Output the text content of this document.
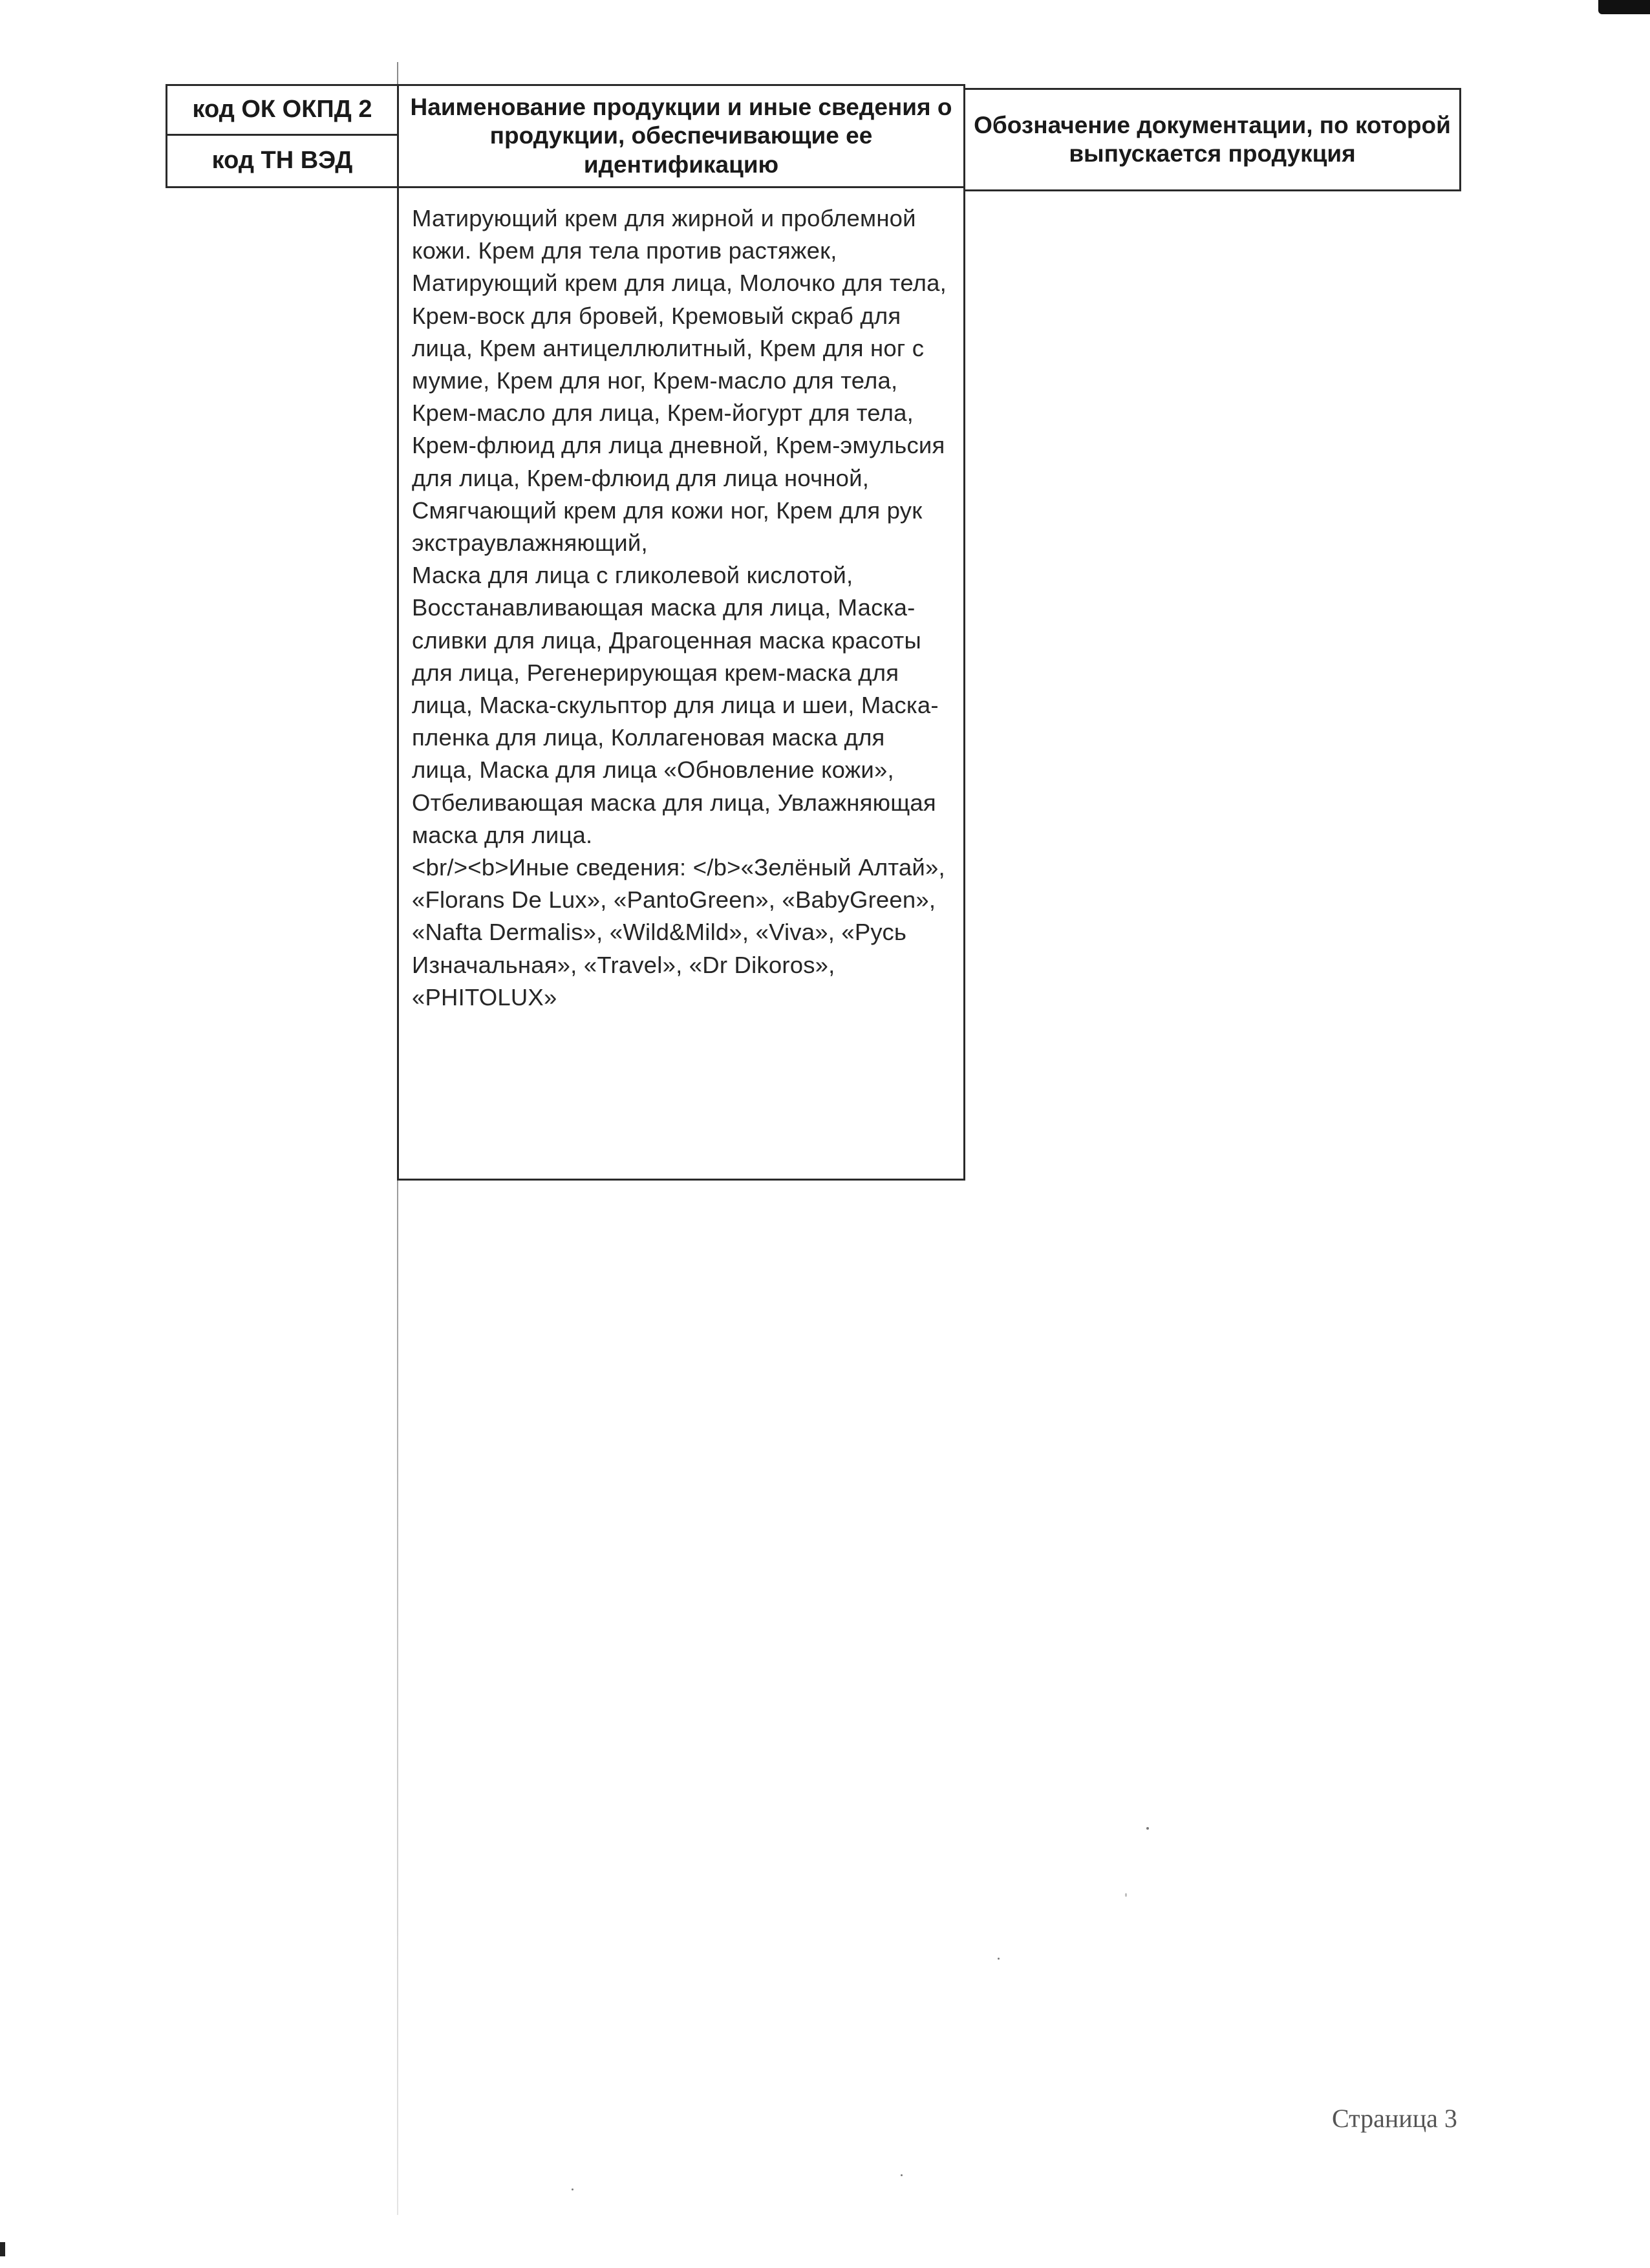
код ОК ОКПД 2
код ТН ВЭД
Наименование продукции и иные сведения о продукции, обеспечивающие ее идентификацию
Обозначение документации, по которой выпускается продукция

Матирующий крем для жирной и проблемной кожи. Крем для тела против растяжек, Матирующий крем для лица, Молочко для тела, Крем-воск для бровей, Кремовый скраб для лица, Крем антицеллюлитный, Крем для ног с мумие, Крем для ног, Крем-масло для тела, Крем-масло для лица, Крем-йогурт для тела, Крем-флюид для лица дневной, Крем-эмульсия для лица, Крем-флюид для лица ночной, Смягчающий крем для кожи ног, Крем для рук экстраувлажняющий,

Маска для лица с гликолевой кислотой, Восстанавливающая маска для лица, Маска-сливки для лица, Драгоценная маска красоты для лица, Регенерирующая крем-маска для лица, Маска-скульптор для лица и шеи, Маска-пленка для лица, Коллагеновая маска для лица, Маска для лица «Обновление кожи», Отбеливающая маска для лица, Увлажняющая маска для лица.

<br/><b>Иные сведения: </b>«Зелёный Алтай», «Florans De Lux», «PantoGreen», «BabyGreen», «Nafta Dermalis», «Wild&Mild», «Viva», «Русь Изначальная», «Travel», «Dr Dikoros», «PHITOLUX»

Страница 3
